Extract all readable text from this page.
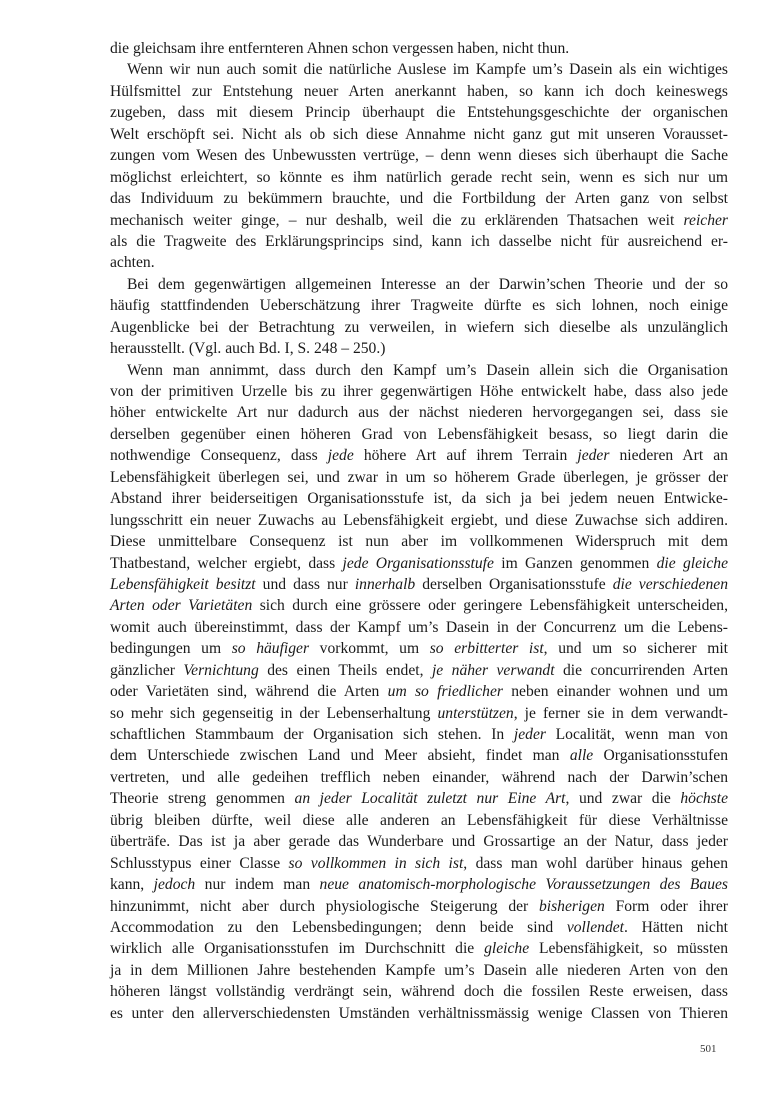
die gleichsam ihre entfernteren Ahnen schon vergessen haben, nicht thun.

Wenn wir nun auch somit die natürliche Auslese im Kampfe um’s Dasein als ein wichtiges
Hülfsmittel zur Entstehung neuer Arten anerkannt haben, so kann ich doch keineswegs
zugeben, dass mit diesem Princip überhaupt die Entstehungsgeschichte der organischen
Welt erschöpft sei. Nicht als ob sich diese Annahme nicht ganz gut mit unseren Vorausset-
zungen vom Wesen des Unbewussten vertrüge, – denn wenn dieses sich überhaupt die Sache
möglichst erleichtert, so könnte es ihm natürlich gerade recht sein, wenn es sich nur um
das Individuum zu bekümmern brauchte, und die Fortbildung der Arten ganz von selbst
mechanisch weiter ginge, – nur deshalb, weil die zu erklärenden Thatsachen weit reicher
als die Tragweite des Erklärungsprincips sind, kann ich dasselbe nicht für ausreichend er-
achten.

Bei dem gegenwärtigen allgemeinen Interesse an der Darwin’schen Theorie und der so
häufig stattfindenden Ueberschätzung ihrer Tragweite dürfte es sich lohnen, noch einige
Augenblicke bei der Betrachtung zu verweilen, in wiefern sich dieselbe als unzulänglich
herausstellt. (Vgl. auch Bd. I, S. 248 – 250.)

Wenn man annimmt, dass durch den Kampf um’s Dasein allein sich die Organisation
von der primitiven Urzelle bis zu ihrer gegenwärtigen Höhe entwickelt habe, dass also jede
höher entwickelte Art nur dadurch aus der nächst niederen hervorgegangen sei, dass sie
derselben gegenüber einen höheren Grad von Lebensfähigkeit besass, so liegt darin die
nothwendige Consequenz, dass jede höhere Art auf ihrem Terrain jeder niederen Art an
Lebensfähigkeit überlegen sei, und zwar in um so höherem Grade überlegen, je grösser der
Abstand ihrer beiderseitigen Organisationsstufe ist, da sich ja bei jedem neuen Entwicke-
lungsschritt ein neuer Zuwachs au Lebensfähigkeit ergiebt, und diese Zuwachse sich addiren.
Diese unmittelbare Consequenz ist nun aber im vollkommenen Widerspruch mit dem
Thatbestand, welcher ergiebt, dass jede Organisationsstufe im Ganzen genommen die gleiche
Lebensfähigkeit besitzt und dass nur innerhalb derselben Organisationsstufe die verschiedenen
Arten oder Varietäten sich durch eine grössere oder geringere Lebensfähigkeit unterscheiden,
womit auch übereinstimmt, dass der Kampf um’s Dasein in der Concurrenz um die Lebens-
bedingungen um so häufiger vorkommt, um so erbitterter ist, und um so sicherer mit
gänzlicher Vernichtung des einen Theils endet, je näher verwandt die concurrirenden Arten
oder Varietäten sind, während die Arten um so friedlicher neben einander wohnen und um
so mehr sich gegenseitig in der Lebenserhaltung unterstützen, je ferner sie in dem verwandt-
schaftlichen Stammbaum der Organisation sich stehen. In jeder Localität, wenn man von
dem Unterschiede zwischen Land und Meer absieht, findet man alle Organisationsstufen
vertreten, und alle gedeihen trefflich neben einander, während nach der Darwin’schen
Theorie streng genommen an jeder Localität zuletzt nur Eine Art, und zwar die höchste
übrig bleiben dürfte, weil diese alle anderen an Lebensfähigkeit für diese Verhältnisse
überträfe. Das ist ja aber gerade das Wunderbare und Grossartige an der Natur, dass jeder
Schlusstypus einer Classe so vollkommen in sich ist, dass man wohl darüber hinaus gehen
kann, jedoch nur indem man neue anatomisch-morphologische Voraussetzungen des Baues
hinzunimmt, nicht aber durch physiologische Steigerung der bisherigen Form oder ihrer
Accommodation zu den Lebensbedingungen; denn beide sind vollendet. Hätten nicht
wirklich alle Organisationsstufen im Durchschnitt die gleiche Lebensfähigkeit, so müssten
ja in dem Millionen Jahre bestehenden Kampfe um’s Dasein alle niederen Arten von den
höheren längst vollständig verdrängt sein, während doch die fossilen Reste erweisen, dass
es unter den allerverschiedensten Umständen verhältnissmässig wenige Classen von Thieren

501
